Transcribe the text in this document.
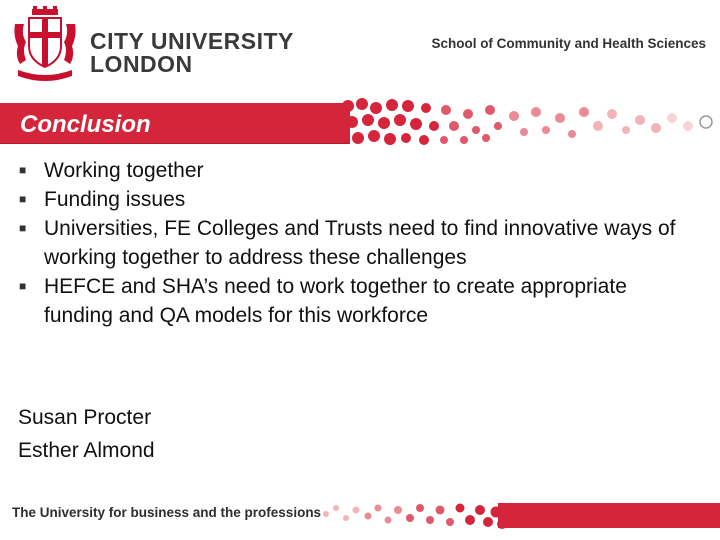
CITY UNIVERSITY
LONDON
School of Community and Health Sciences
Conclusion
■ Working together
■ Funding issues
■ Universities, FE Colleges and Trusts need to find innovative ways of working together to address these challenges
■ HEFCE and SHA’s need to work together to create appropriate funding and QA models for this workforce
Susan Procter
Esther Almond
The University for business and the professions
